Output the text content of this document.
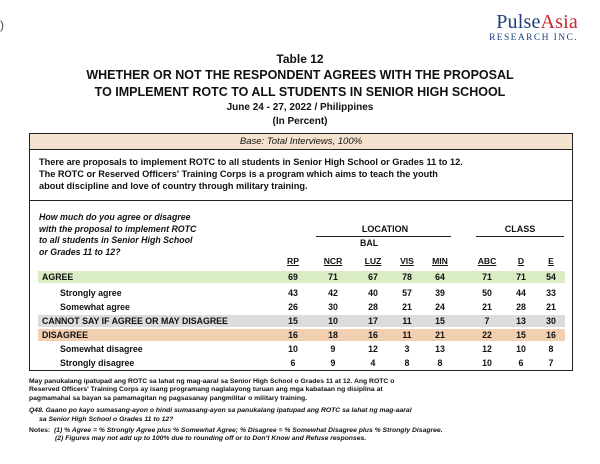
)	PulseAsia
RESEARCH INC.
Table 12
WHETHER OR NOT THE RESPONDENT AGREES WITH THE PROPOSAL
TO IMPLEMENT ROTC TO ALL STUDENTS IN SENIOR HIGH SCHOOL
June 24 - 27, 2022 / Philippines
(In Percent)
Base: Total Interviews, 100%
There are proposals to implement ROTC to all students in Senior High School or Grades 11 to 12.
The ROTC or Reserved Officers' Training Corps is a program which aims to teach the youth
about discipline and love of country through military training.
How much do you agree or disagree
with the proposal to implement ROTC
to all students in Senior High School
or Grades 11 to 12?
LOCATION
BAL
CLASS
RP	NCR	LUZ	VIS	MIN	ABC	D	E
AGREE	69	71	67	78	64	71	71	54
Strongly agree	43	42	40	57	39	50	44	33
Somewhat agree	26	30	28	21	24	21	28	21
CANNOT SAY IF AGREE OR MAY DISAGREE	15	10	17	11	15	7	13	30
DISAGREE	16	18	16	11	21	22	15	16
Somewhat disagree	10	9	12	3	13	12	10	8
Strongly disagree	6	9	4	8	8	10	6	7
May panukalang ipatupad ang ROTC sa lahat ng mag-aaral sa Senior High School o Grades 11 at 12. Ang ROTC o
Reserved Officers' Training Corps ay isang programang naglalayong turuan ang mga kabataan ng disiplina at
pagmamahal sa bayan sa pamamagitan ng pagsasanay pangmilitar o military training.
Q48. Gaano po kayo sumasang-ayon o hindi sumasang-ayon sa panukalang ipatupad ang ROTC sa lahat ng mag-aaral
sa Senior High School o Grades 11 to 12?
Notes: (1) % Agree = % Strongly Agree plus % Somewhat Agree; % Disagree = % Somewhat Disagree plus % Strongly Disagree.
(2) Figures may not add up to 100% due to rounding off or to Don't Know and Refuse responses.
